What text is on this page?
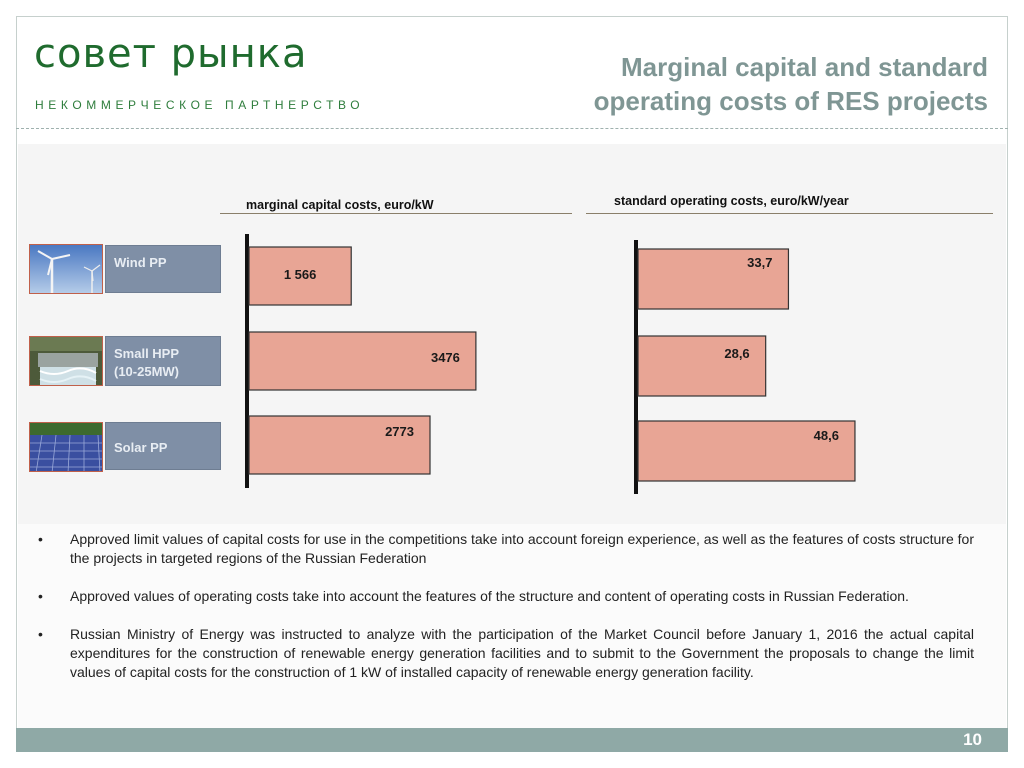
совет рынка
НЕКОММЕРЧЕСКОЕ ПАРТНЕРСТВО
Marginal capital and standard
operating costs of RES projects
Wind PP
Small HPP
(10-25MW)
Solar PP
marginal capital costs, euro/kW	standard operating costs, euro/kW/year
1 566
3476
2773
33,7
28,6
48,6
• Approved limit values of capital costs for use in the competitions take into account foreign experience, as well as the features of costs structure for the projects in targeted regions of the Russian Federation
• Approved values of operating costs take into account the features of the structure and content of operating costs in Russian Federation.
• Russian Ministry of Energy was instructed to analyze with the participation of the Market Council before January 1, 2016 the actual capital expenditures for the construction of renewable energy generation facilities and to submit to the Government the proposals to change the limit values of capital costs for the construction of 1 kW of installed capacity of renewable energy generation facility.
10
